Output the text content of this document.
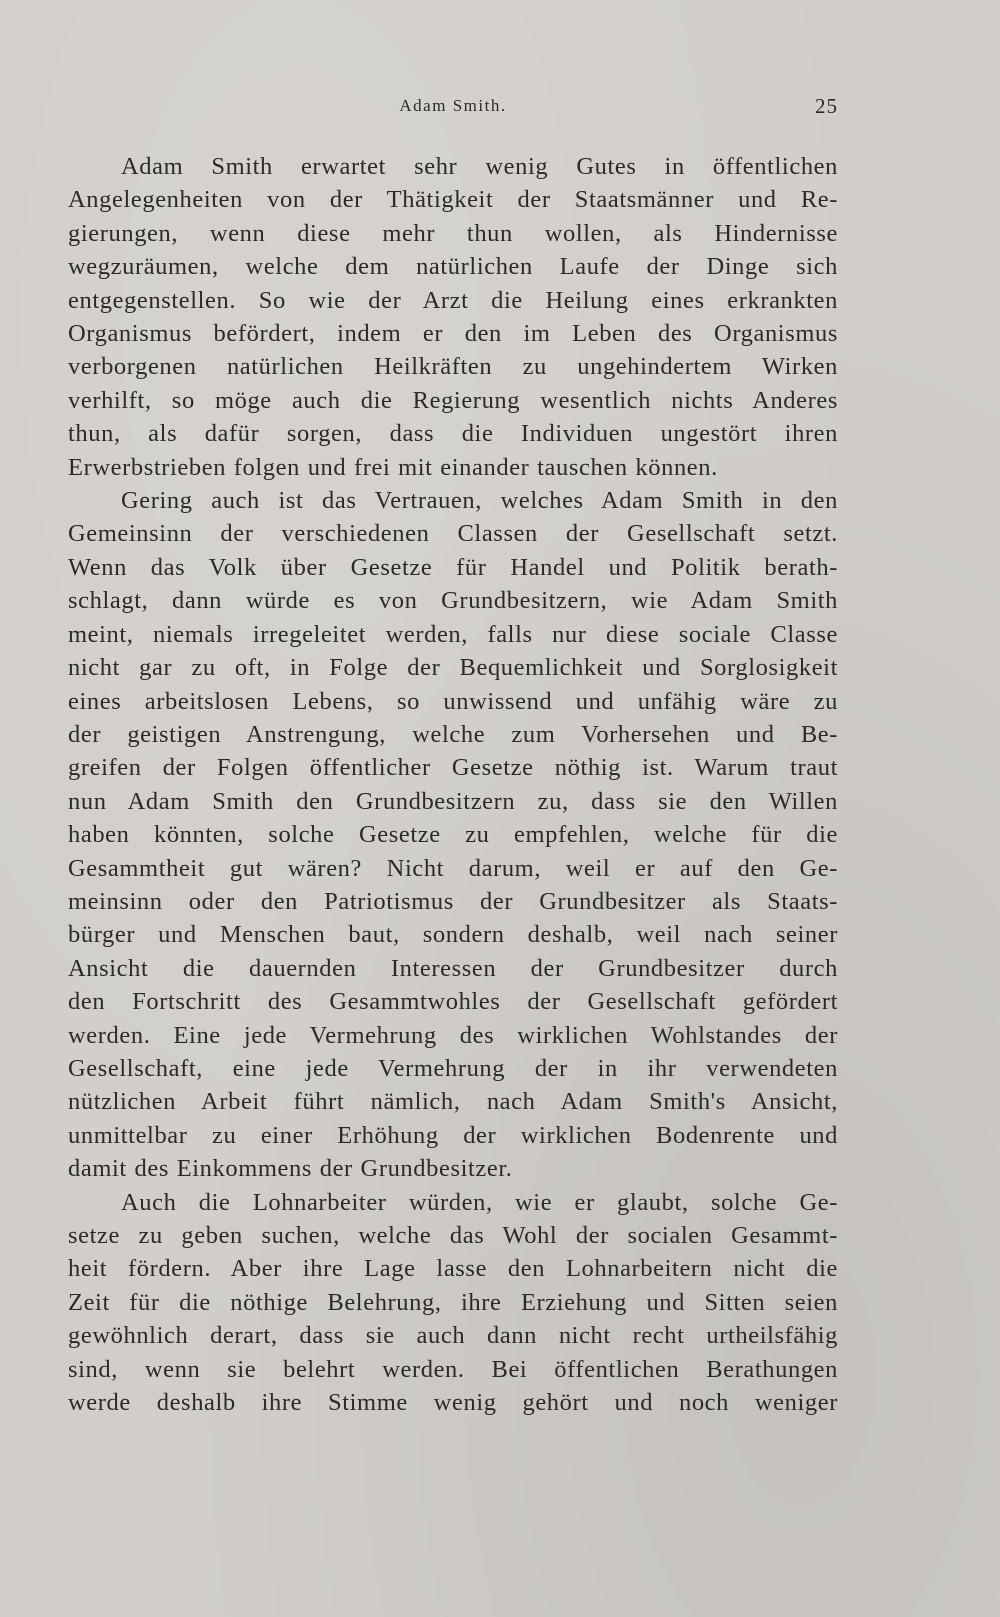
Adam Smith.	25

Adam Smith erwartet sehr wenig Gutes in öffentlichen
Angelegenheiten von der Thätigkeit der Staatsmänner und Re-
gierungen, wenn diese mehr thun wollen, als Hindernisse
wegzuräumen, welche dem natürlichen Laufe der Dinge sich
entgegenstellen. So wie der Arzt die Heilung eines erkrankten
Organismus befördert, indem er den im Leben des Organismus
verborgenen natürlichen Heilkräften zu ungehindertem Wirken
verhilft, so möge auch die Regierung wesentlich nichts Anderes
thun, als dafür sorgen, dass die Individuen ungestört ihren
Erwerbstrieben folgen und frei mit einander tauschen können.

Gering auch ist das Vertrauen, welches Adam Smith in den
Gemeinsinn der verschiedenen Classen der Gesellschaft setzt.
Wenn das Volk über Gesetze für Handel und Politik berath-
schlagt, dann würde es von Grundbesitzern, wie Adam Smith
meint, niemals irregeleitet werden, falls nur diese sociale Classe
nicht gar zu oft, in Folge der Bequemlichkeit und Sorglosigkeit
eines arbeitslosen Lebens, so unwissend und unfähig wäre zu
der geistigen Anstrengung, welche zum Vorhersehen und Be-
greifen der Folgen öffentlicher Gesetze nöthig ist. Warum traut
nun Adam Smith den Grundbesitzern zu, dass sie den Willen
haben könnten, solche Gesetze zu empfehlen, welche für die
Gesammtheit gut wären? Nicht darum, weil er auf den Ge-
meinsinn oder den Patriotismus der Grundbesitzer als Staats-
bürger und Menschen baut, sondern deshalb, weil nach seiner
Ansicht die dauernden Interessen der Grundbesitzer durch
den Fortschritt des Gesammtwohles der Gesellschaft gefördert
werden. Eine jede Vermehrung des wirklichen Wohlstandes der
Gesellschaft, eine jede Vermehrung der in ihr verwendeten
nützlichen Arbeit führt nämlich, nach Adam Smith's Ansicht,
unmittelbar zu einer Erhöhung der wirklichen Bodenrente und
damit des Einkommens der Grundbesitzer.

Auch die Lohnarbeiter würden, wie er glaubt, solche Ge-
setze zu geben suchen, welche das Wohl der socialen Gesammt-
heit fördern. Aber ihre Lage lasse den Lohnarbeitern nicht die
Zeit für die nöthige Belehrung, ihre Erziehung und Sitten seien
gewöhnlich derart, dass sie auch dann nicht recht urtheilsfähig
sind, wenn sie belehrt werden. Bei öffentlichen Berathungen
werde deshalb ihre Stimme wenig gehört und noch weniger
